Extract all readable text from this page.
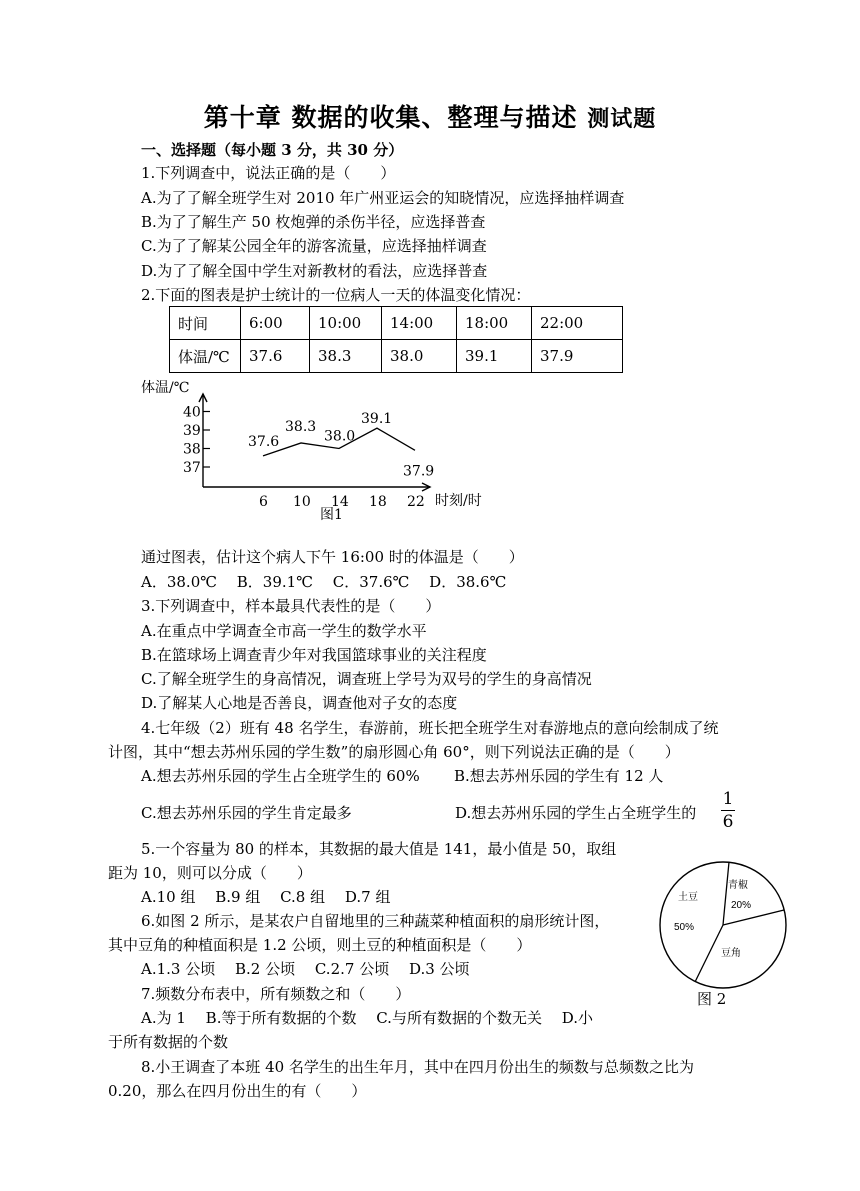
第十章 数据的收集、整理与描述 测试题
一、选择题（每小题 3 分，共 30 分）
1.下列调查中，说法正确的是（　　）
A.为了了解全班学生对 2010 年广州亚运会的知晓情况，应选择抽样调查
B.为了了解生产 50 枚炮弹的杀伤半径，应选择普查
C.为了了解某公园全年的游客流量，应选择抽样调查
D.为了了解全国中学生对新教材的看法，应选择普查
2.下面的图表是护士统计的一位病人一天的体温变化情况：
时间	6:00	10:00	14:00	18:00	22:00
体温/℃	37.6	38.3	38.0	39.1	37.9
体温/℃
时刻/时
图1
37
38
39
40
6 10 14 18 22
37.6
38.3
38.0
39.1
37.9
通过图表，估计这个病人下午 16:00 时的体温是（　　）
A．38.0℃　 B．39.1℃　 C．37.6℃　 D．38.6℃
3.下列调查中，样本最具代表性的是（　　）
A.在重点中学调查全市高一学生的数学水平
B.在篮球场上调查青少年对我国篮球事业的关注程度
C.了解全班学生的身高情况，调查班上学号为双号的学生的身高情况
D.了解某人心地是否善良，调查他对子女的态度
4.七年级（2）班有 48 名学生，春游前，班长把全班学生对春游地点的意向绘制成了统
计图，其中“想去苏州乐园的学生数”的扇形圆心角 60°，则下列说法正确的是（　　）
A.想去苏州乐园的学生占全班学生的 60% B.想去苏州乐园的学生有 12 人
C.想去苏州乐园的学生肯定最多	D.想去苏州乐园的学生占全班学生的
1
6
5.一个容量为 80 的样本，其数据的最大值是 141，最小值是 50，取组
距为 10，则可以分成（　　）
A.10 组　 B.9 组　 C.8 组　 D.7 组
6.如图 2 所示，是某农户自留地里的三种蔬菜种植面积的扇形统计图，
其中豆角的种植面积是 1.2 公顷，则土豆的种植面积是（　　）
A.1.3 公顷　 B.2 公顷　 C.2.7 公顷　 D.3 公顷
土豆
50%
青椒
20%
豆角
图 2
7.频数分布表中，所有频数之和（　　）
A.为 1　 B.等于所有数据的个数　 C.与所有数据的个数无关　 D.小
于所有数据的个数
8.小王调查了本班 40 名学生的出生年月，其中在四月份出生的频数与总频数之比为
0.20，那么在四月份出生的有（　　）
